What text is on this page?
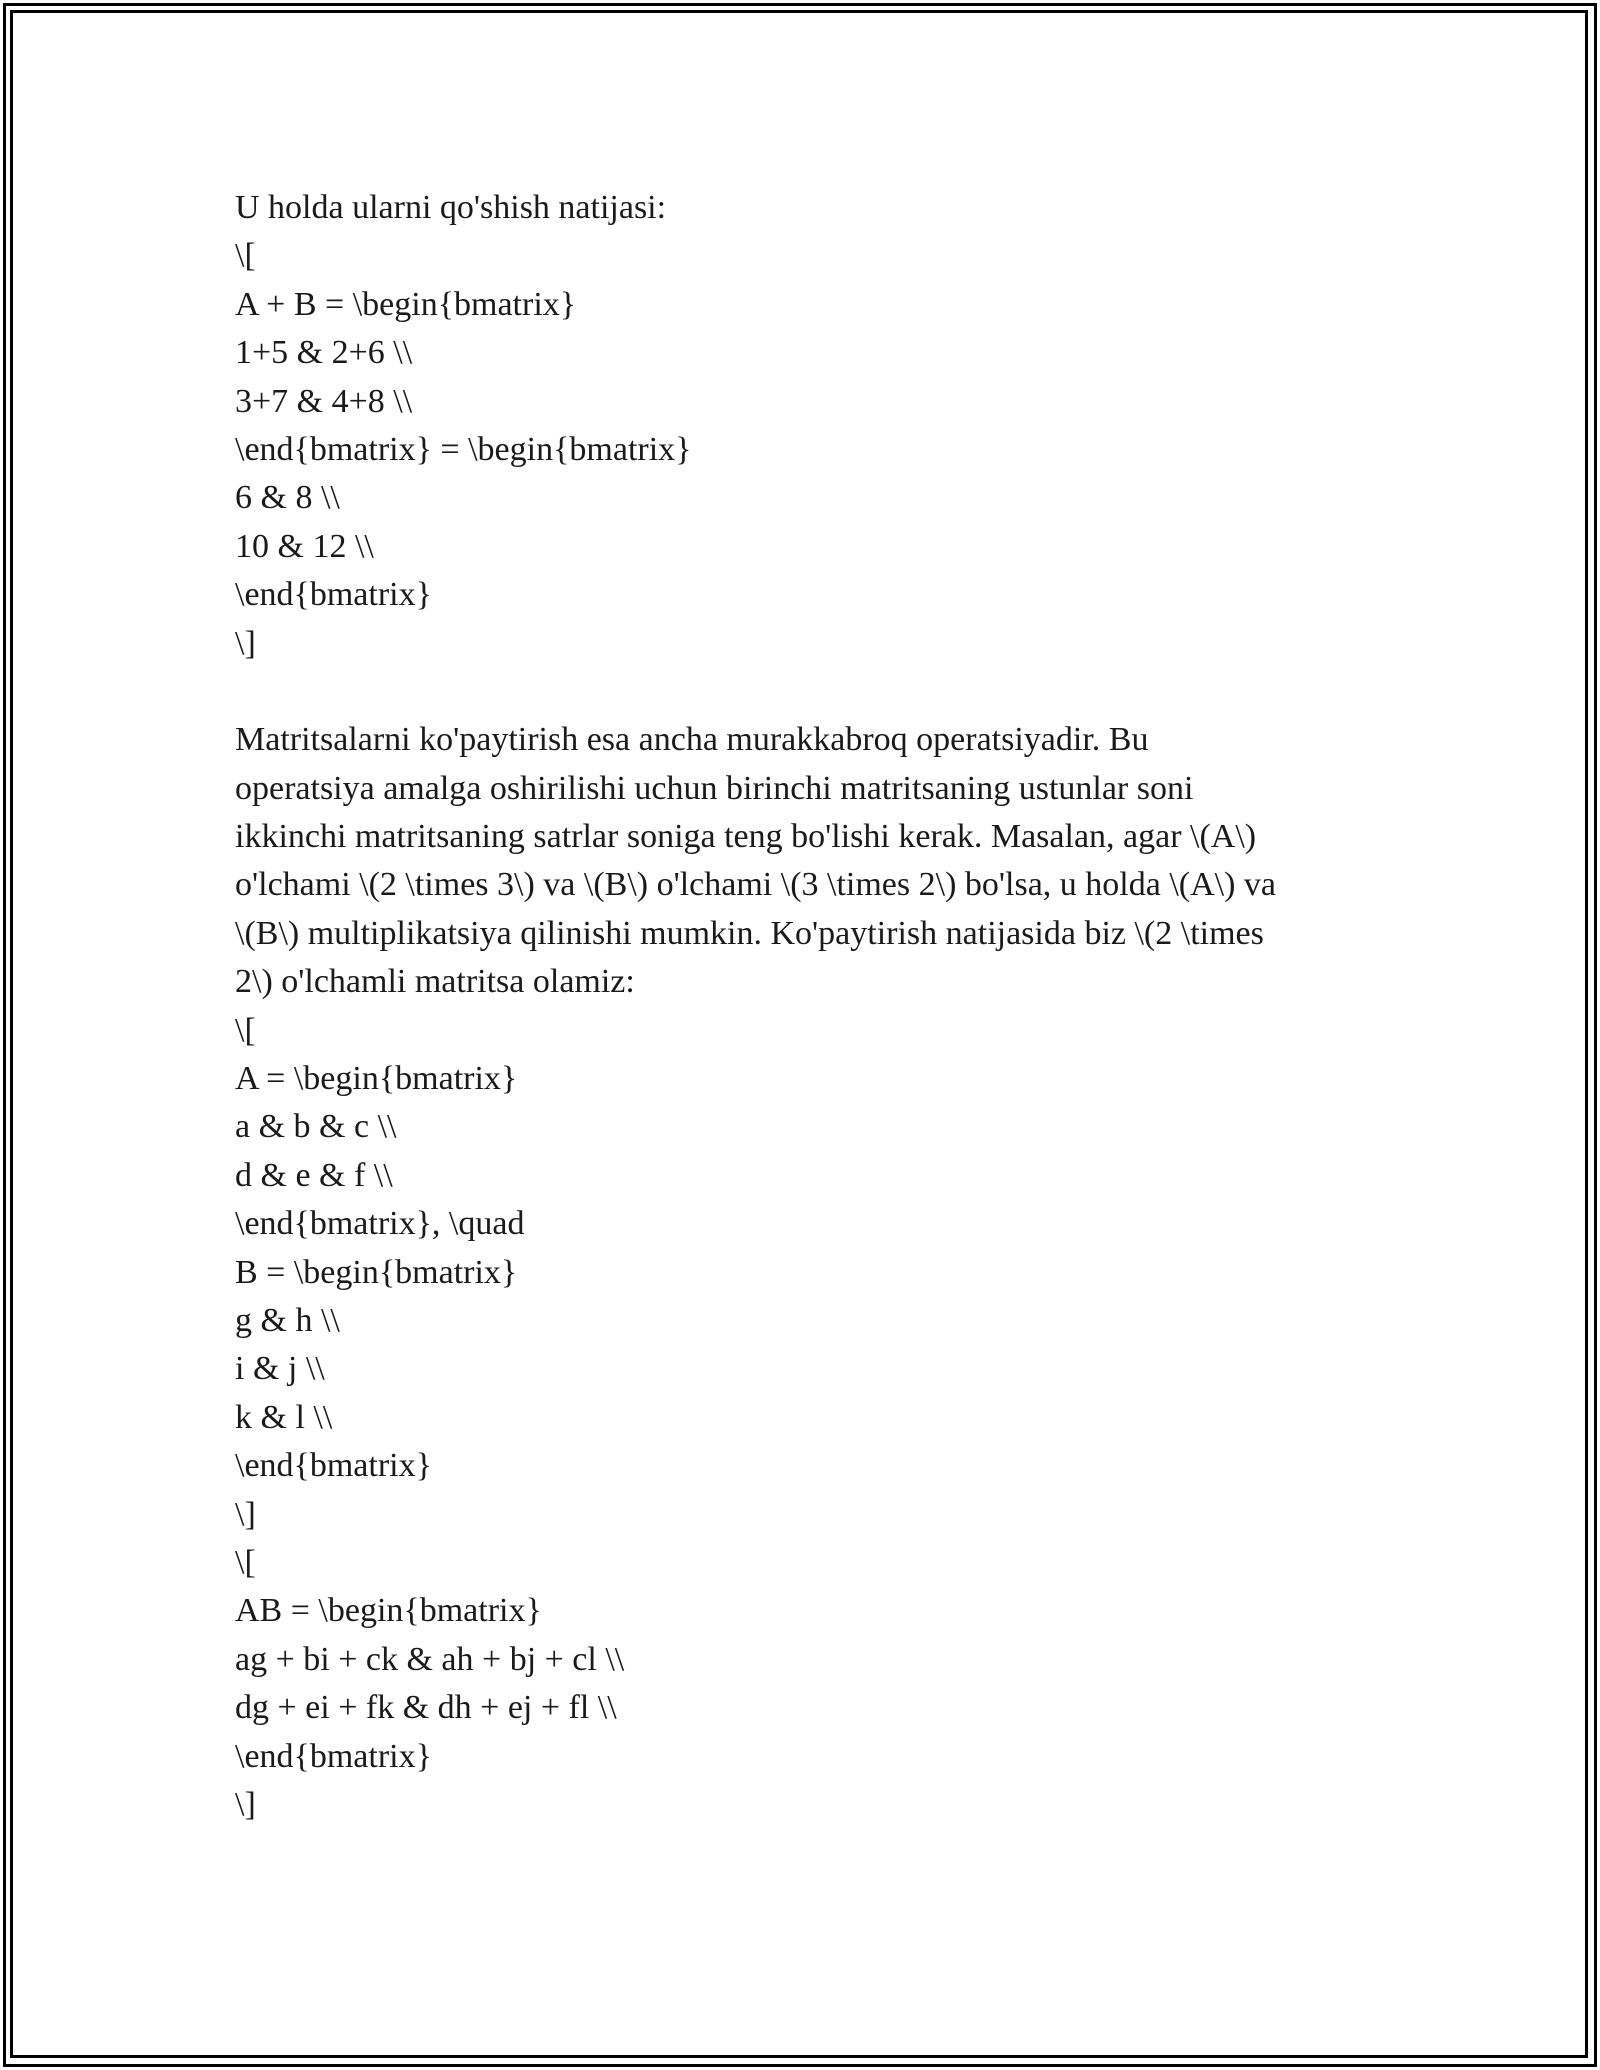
U holda ularni qo'shish natijasi:
\[
A + B = \begin{bmatrix}
1+5 & 2+6 \\
3+7 & 4+8 \\
\end{bmatrix} = \begin{bmatrix}
6 & 8 \\
10 & 12 \\
\end{bmatrix}
\]
Matritsalarni ko'paytirish esa ancha murakkabroq operatsiyadir. Bu
operatsiya amalga oshirilishi uchun birinchi matritsaning ustunlar soni
ikkinchi matritsaning satrlar soniga teng bo'lishi kerak. Masalan, agar \(A\)
o'lchami \(2 \times 3\) va \(B\) o'lchami \(3 \times 2\) bo'lsa, u holda \(A\) va
\(B\) multiplikatsiya qilinishi mumkin. Ko'paytirish natijasida biz \(2 \times
2\) o'lchamli matritsa olamiz:
\[
A = \begin{bmatrix}
a & b & c \\
d & e & f \\
\end{bmatrix}, \quad
B = \begin{bmatrix}
g & h \\
i & j \\
k & l \\
\end{bmatrix}
\]
\[
AB = \begin{bmatrix}
ag + bi + ck & ah + bj + cl \\
dg + ei + fk & dh + ej + fl \\
\end{bmatrix}
\]
